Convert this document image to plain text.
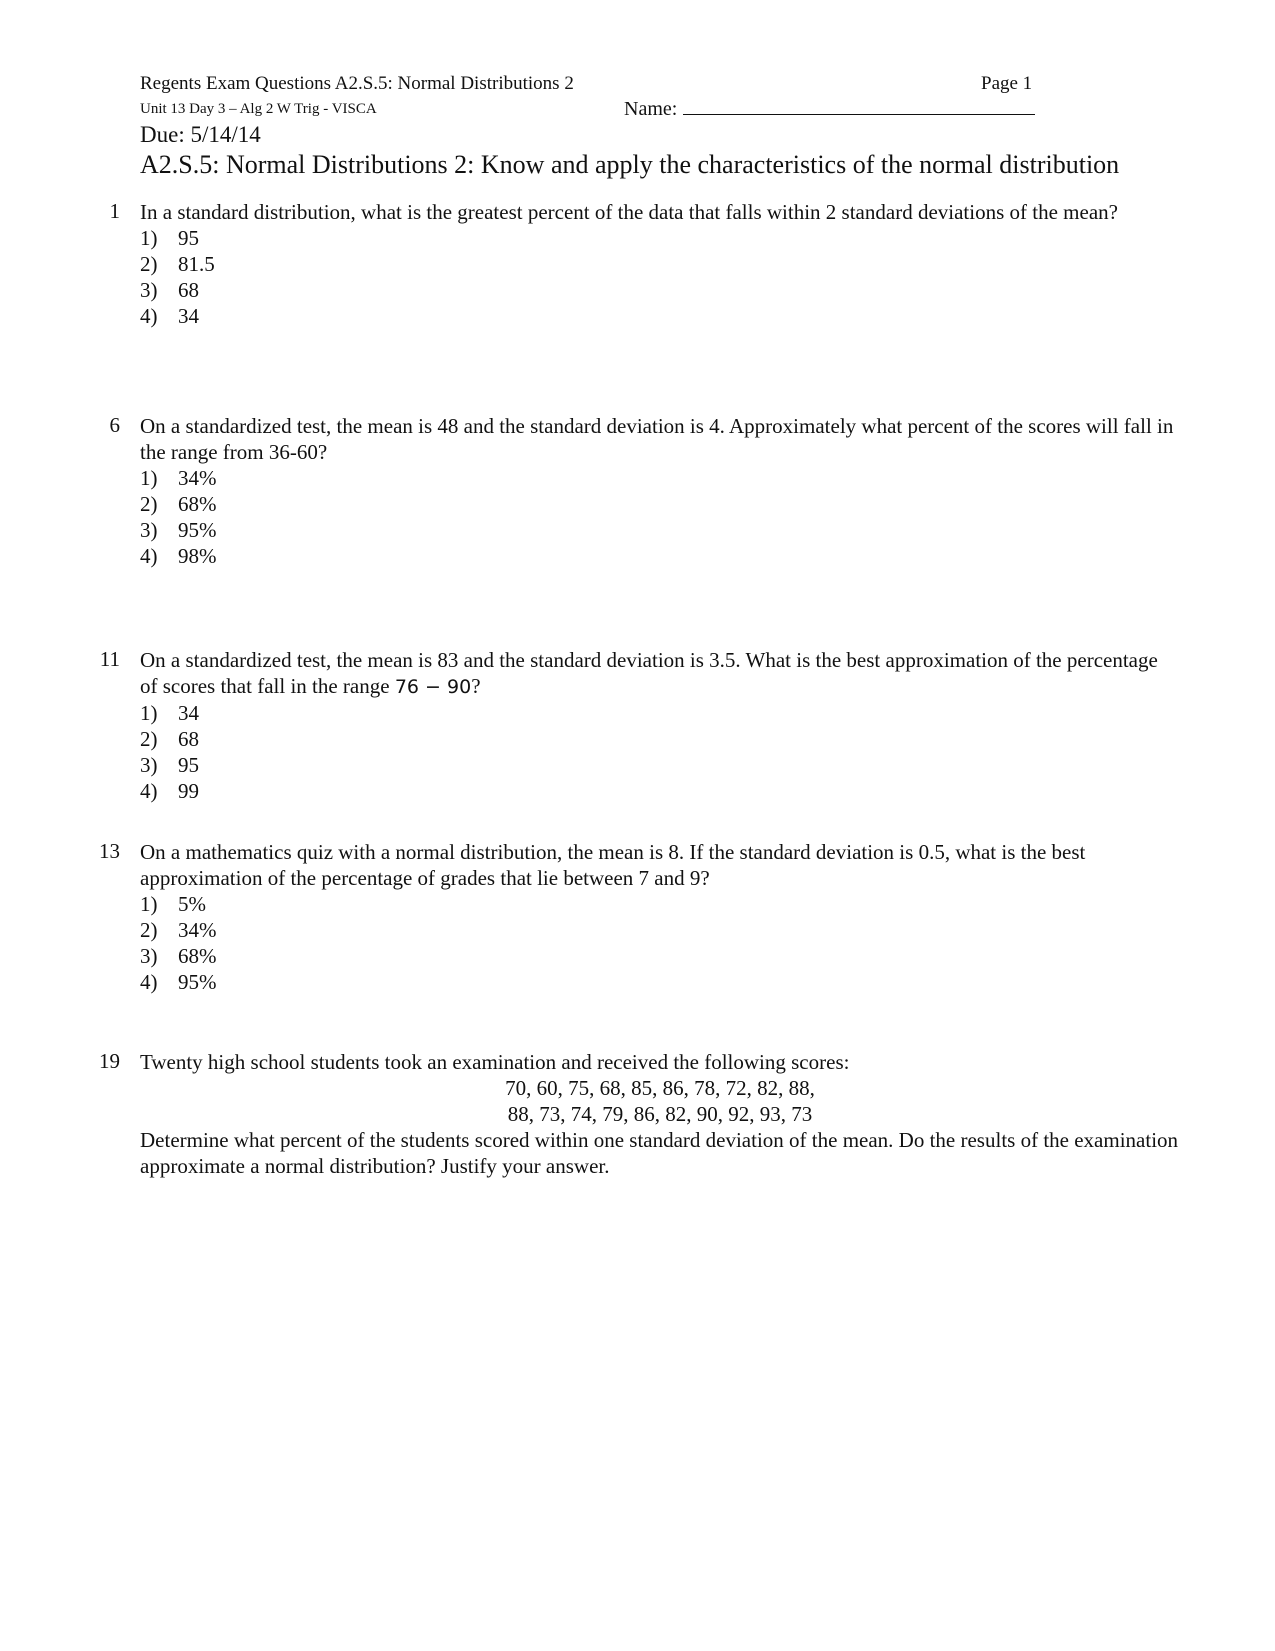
Regents Exam Questions A2.S.5: Normal Distributions 2	Page 1
Unit 13 Day 3 – Alg 2 W Trig - VISCA	Name:
Due: 5/14/14
A2.S.5: Normal Distributions 2: Know and apply the characteristics of the normal distribution
1 In a standard distribution, what is the greatest percent of the data that falls within 2 standard deviations of the mean?

1) 95
2) 81.5
3) 68
4) 34
6 On a standardized test, the mean is 48 and the standard deviation is 4. Approximately what percent of the scores will fall in the range from 36-60?

1) 34%
2) 68%
3) 95%
4) 98%
11 On a standardized test, the mean is 83 and the standard deviation is 3.5. What is the best approximation of the percentage of scores that fall in the range 76 − 90?

1) 34
2) 68
3) 95
4) 99
13 On a mathematics quiz with a normal distribution, the mean is 8. If the standard deviation is 0.5, what is the best approximation of the percentage of grades that lie between 7 and 9?

1) 5%
2) 34%
3) 68%
4) 95%
19 Twenty high school students took an examination and received the following scores:

70, 60, 75, 68, 85, 86, 78, 72, 82, 88,
88, 73, 74, 79, 86, 82, 90, 92, 93, 73

Determine what percent of the students scored within one standard deviation of the mean. Do the results of the examination approximate a normal distribution? Justify your answer.
